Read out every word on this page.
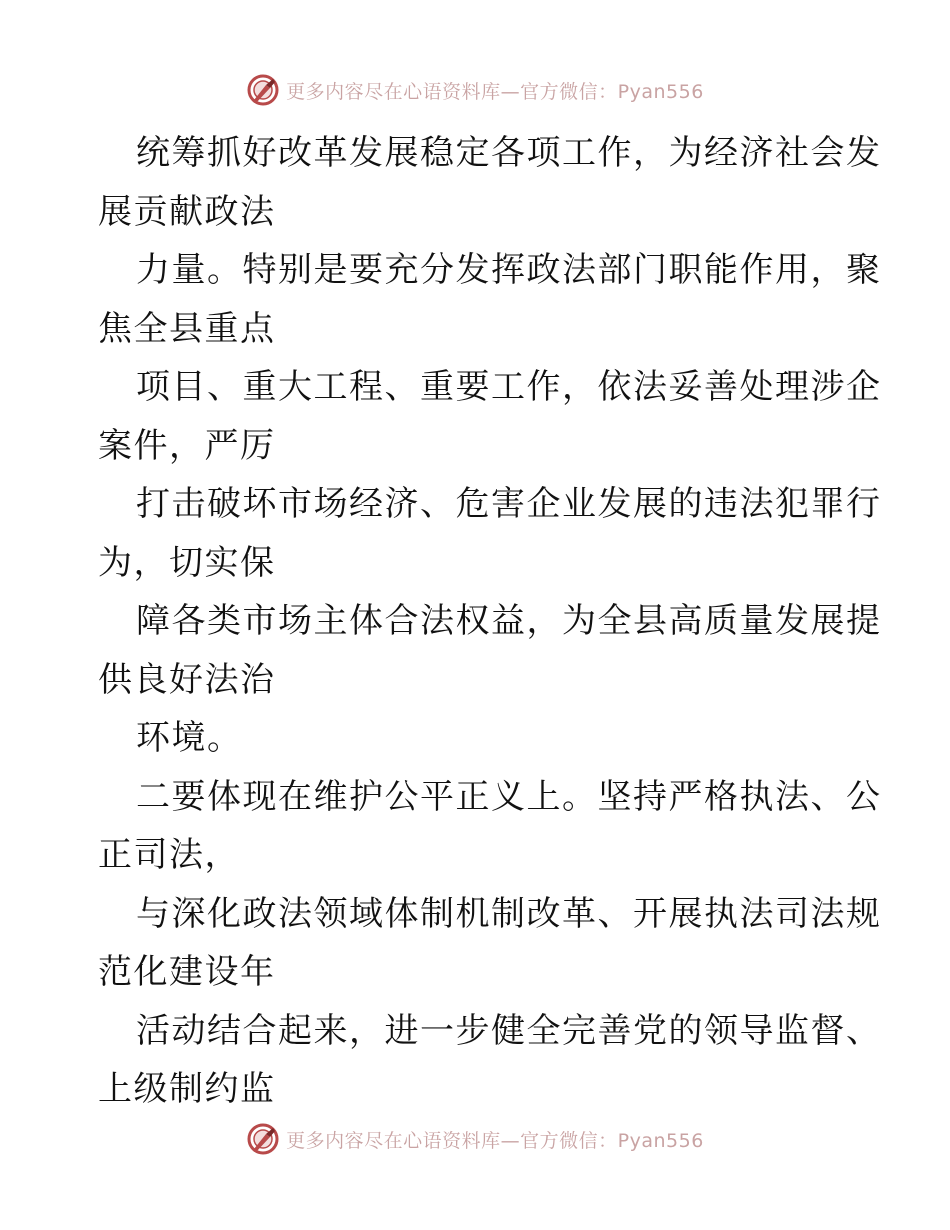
更多内容尽在心语资料库—官方微信：Pyan556
统筹抓好改革发展稳定各项工作，为经济社会发
展贡献政法
力量。特别是要充分发挥政法部门职能作用，聚
焦全县重点
项目、重大工程、重要工作，依法妥善处理涉企
案件，严厉
打击破坏市场经济、危害企业发展的违法犯罪行
为，切实保
障各类市场主体合法权益，为全县高质量发展提
供良好法治
环境。
二要体现在维护公平正义上。坚持严格执法、公
正司法，
与深化政法领域体制机制改革、开展执法司法规
范化建设年
活动结合起来，进一步健全完善党的领导监督、
上级制约监
更多内容尽在心语资料库—官方微信：Pyan556
